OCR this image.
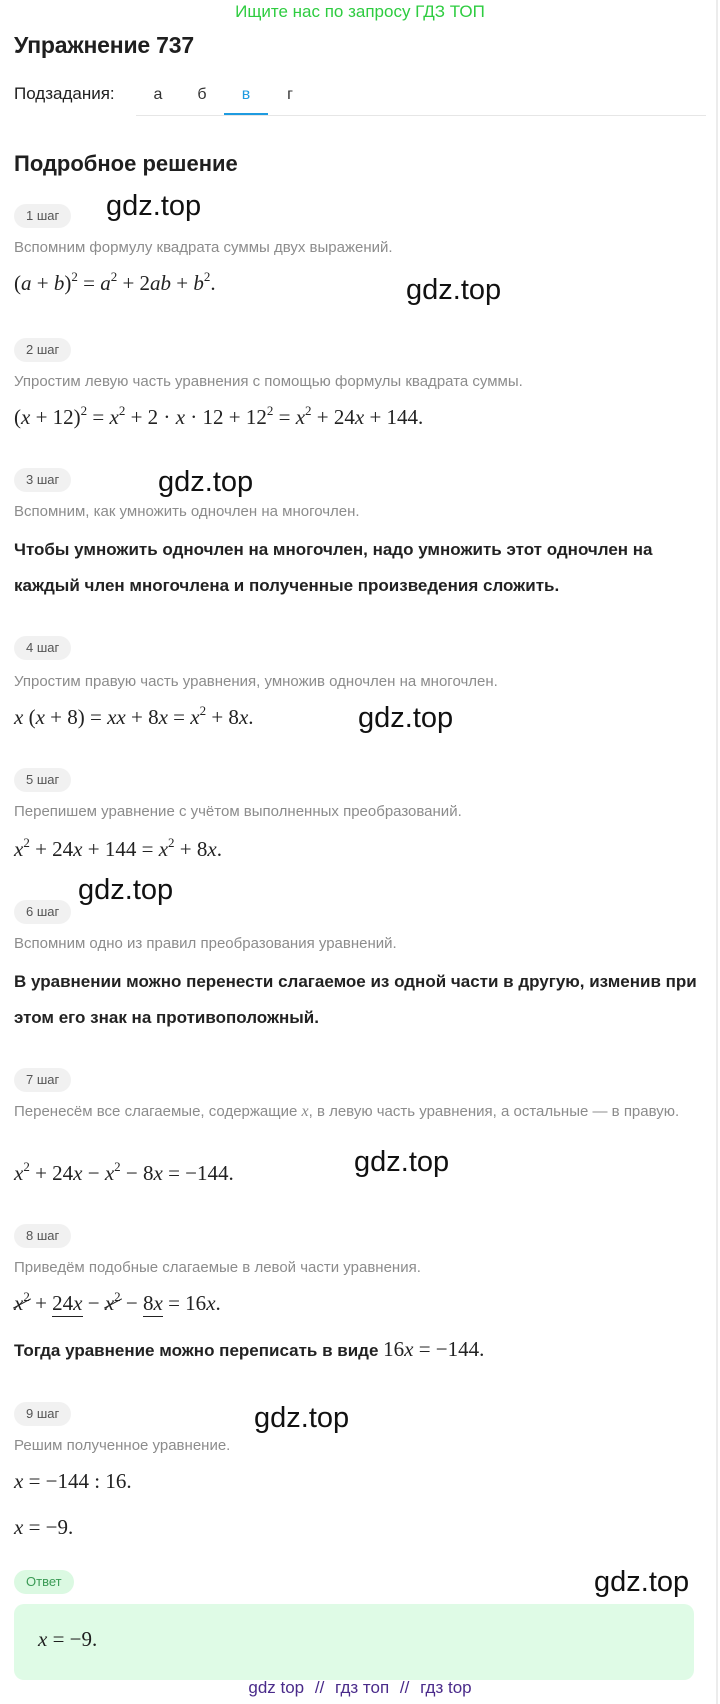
Ищите нас по запросу ГДЗ ТОП
Упражнение 737
Подзадания:	а	б	в	г
Подробное решение
1 шаг
Вспомним формулу квадрата суммы двух выражений.
$(a + b)^2 = a^2 + 2ab + b^2$.
2 шаг
Упростим левую часть уравнения с помощью формулы квадрата суммы.
$(x + 12)^2 = x^2 + 2 \cdot x \cdot 12 + 12^2 = x^2 + 24x + 144$.
3 шаг
Вспомним, как умножить одночлен на многочлен.
Чтобы умножить одночлен на многочлен, надо умножить этот одночлен на каждый член многочлена и полученные произведения сложить.
4 шаг
Упростим правую часть уравнения, умножив одночлен на многочлен.
x (x + 8) = xx + $8x = x^2 + 8x$.
5 шаг
Перепишем уравнение с учётом выполненных преобразований.
$x^2 + 24x + 144 = x^2 + 8x$.
6 шаг
Вспомним одно из правил преобразования уравнений.
В уравнении можно перенести слагаемое из одной части в другую, изменив при этом его знак на противоположный.
7 шаг
Перенесём все слагаемые, содержащие x, в левую часть уравнения, а остальные — в правую.
$x^2 + 24x - x^2 - 8x = -144$.
8 шаг
Приведём подобные слагаемые в левой части уравнения.
$x^2 + 24x - x^2 - 8x = 16x$.
Тогда уравнение можно переписать в виде 16x = −144.
9 шаг
Решим полученное уравнение.
x = −144 : 16.
x = −9.
Ответ
x = −9.
gdz.top
gdz.top
gdz.top
gdz.top
gdz.top
gdz.top
gdz.top
gdz.top
gdz top // гдз топ // гдз top
